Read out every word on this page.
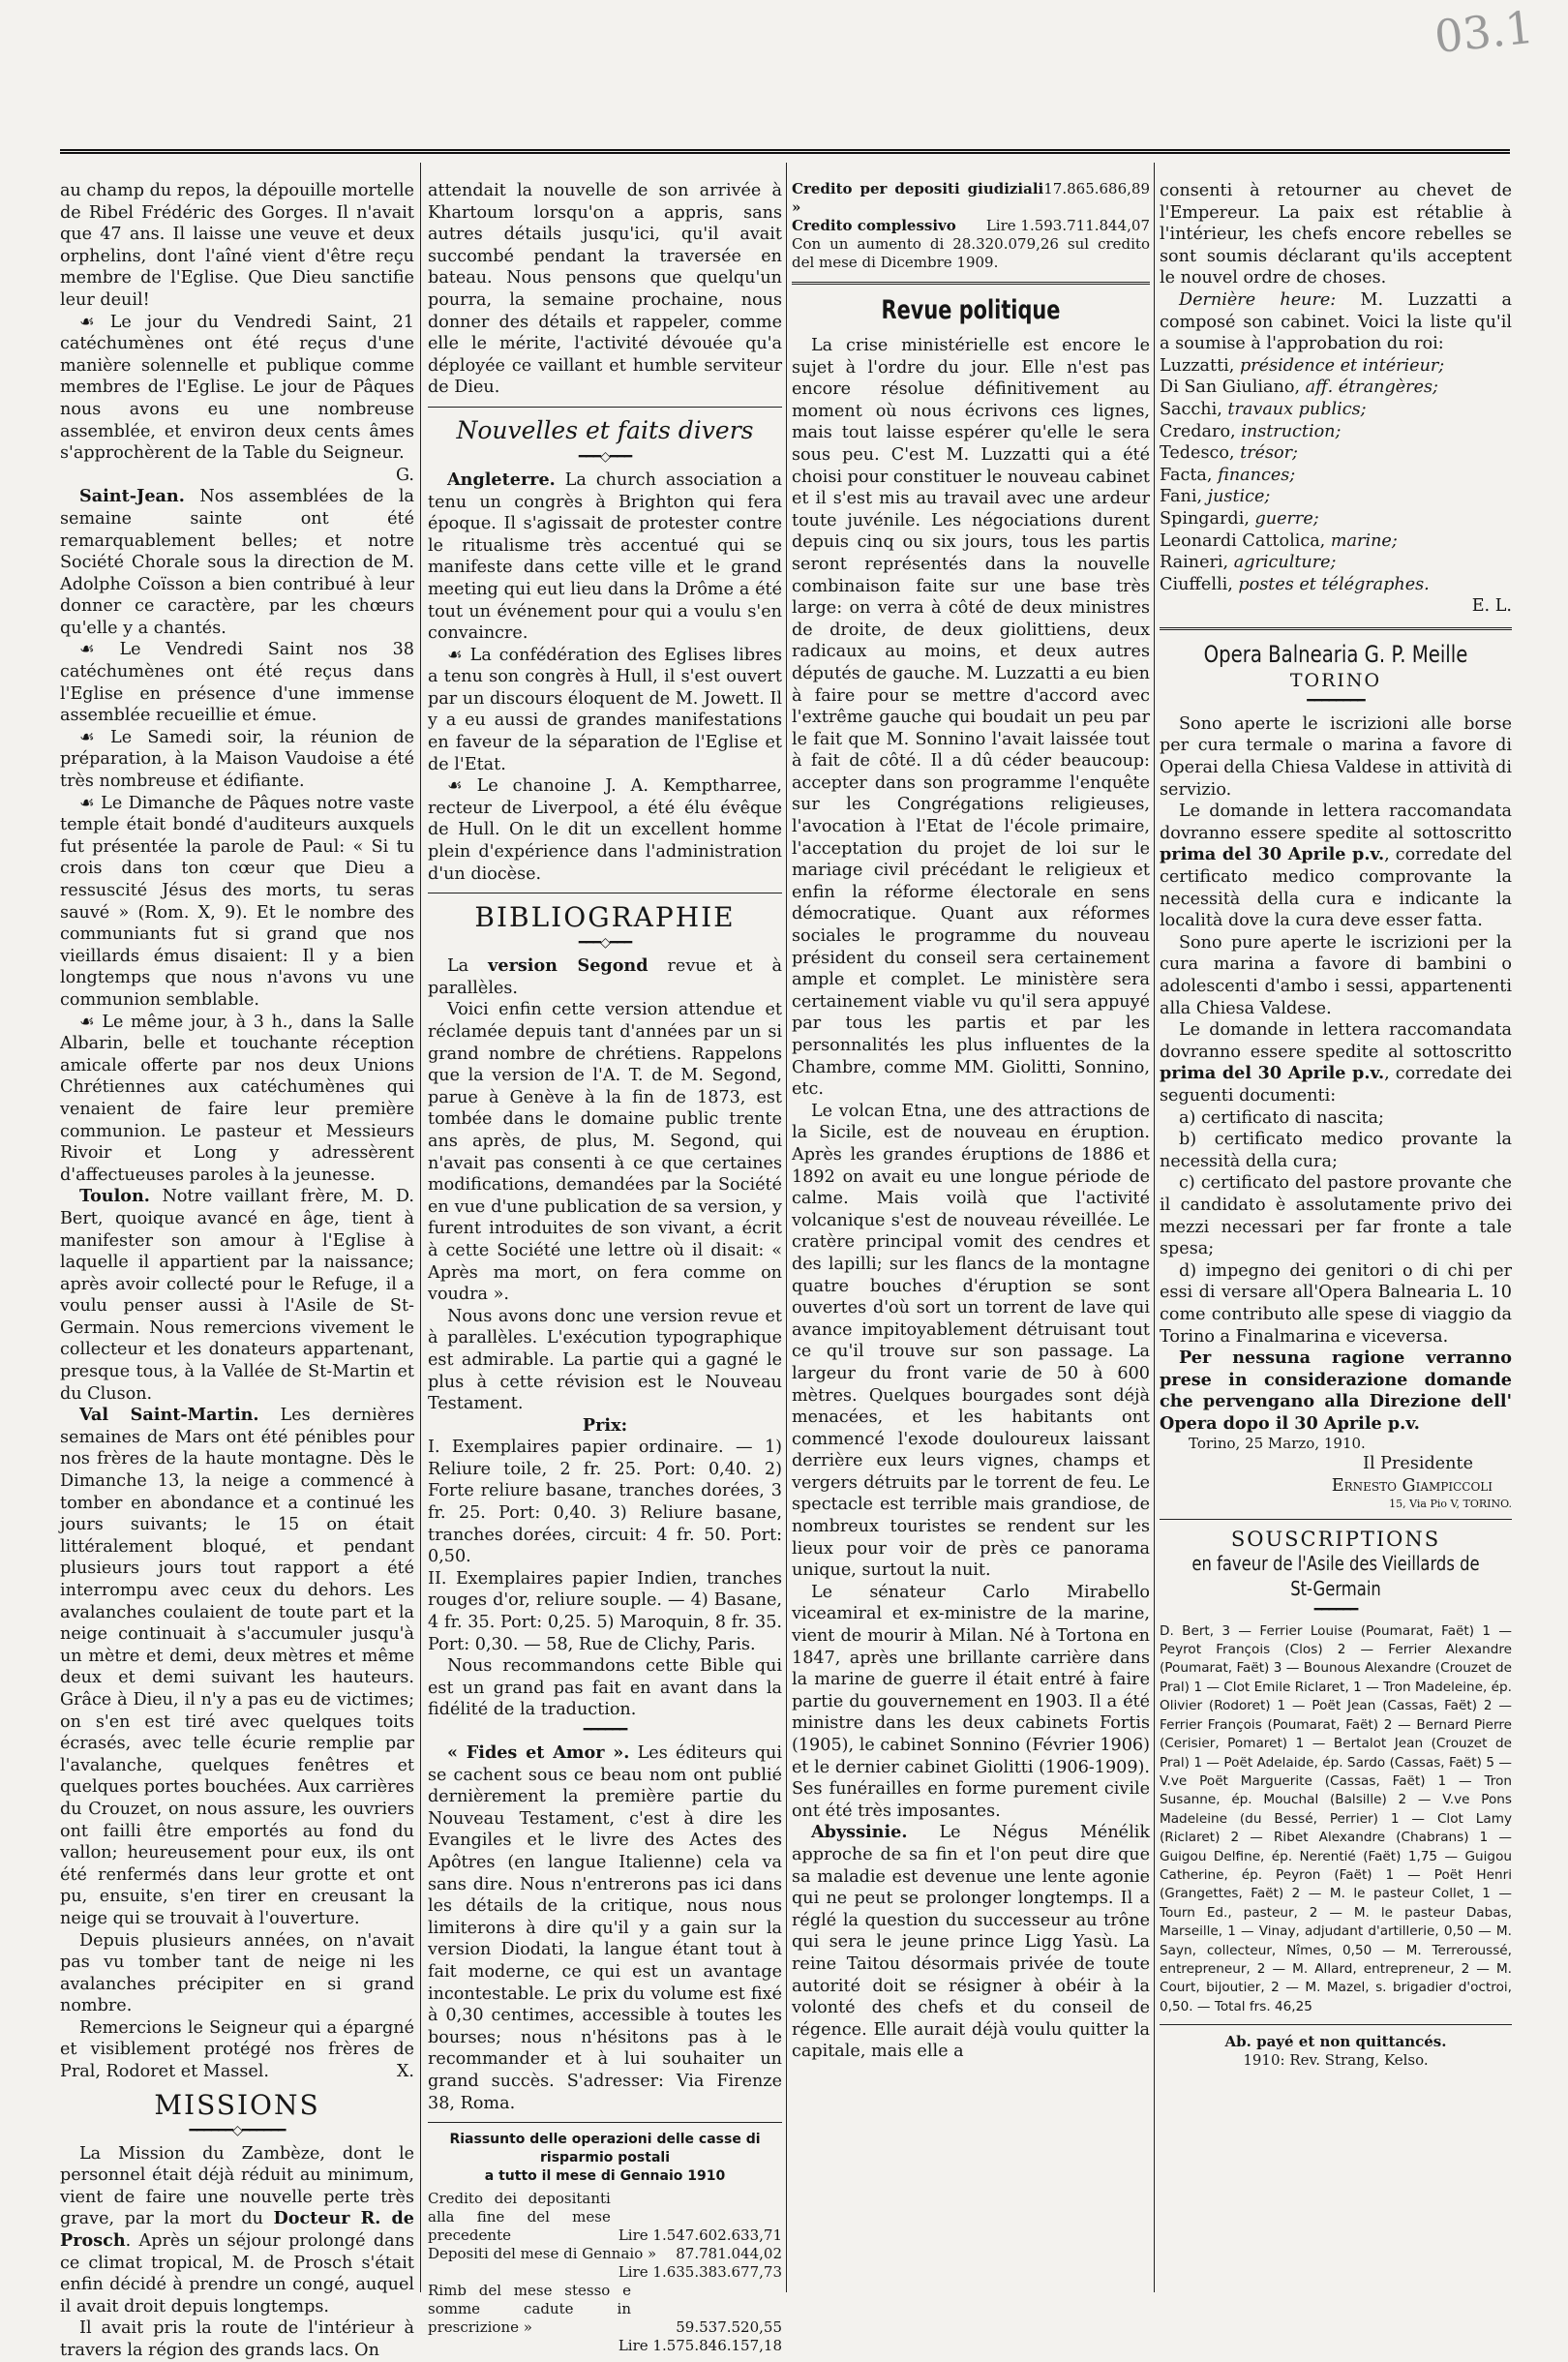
03.1

au champ du repos, la dépouille mortelle de Ribel Frédéric des Gorges. Il n'avait que 47 ans. Il laisse une veuve et deux orphelins, dont l'aîné vient d'être reçu membre de l'Eglise. Que Dieu sanctifie leur deuil!

☙ Le jour du Vendredi Saint, 21 catéchumènes ont été reçus d'une manière solennelle et publique comme membres de l'Eglise. Le jour de Pâques nous avons eu une nombreuse assemblée, et environ deux cents âmes s'approchèrent de la Table du Seigneur.
G.

Saint-Jean. Nos assemblées de la semaine sainte ont été remarquablement belles; et notre Société Chorale sous la direction de M. Adolphe Coïsson a bien contribué à leur donner ce caractère, par les chœurs qu'elle y a chantés.

☙ Le Vendredi Saint nos 38 catéchumènes ont été reçus dans l'Eglise en présence d'une immense assemblée recueillie et émue.

☙ Le Samedi soir, la réunion de préparation, à la Maison Vaudoise a été très nombreuse et édifiante.

☙ Le Dimanche de Pâques notre vaste temple était bondé d'auditeurs auxquels fut présentée la parole de Paul: « Si tu crois dans ton cœur que Dieu a ressuscité Jésus des morts, tu seras sauvé » (Rom. X, 9). Et le nombre des communiants fut si grand que nos vieillards émus disaient: Il y a bien longtemps que nous n'avons vu une communion semblable.

☙ Le même jour, à 3 h., dans la Salle Albarin, belle et touchante réception amicale offerte par nos deux Unions Chrétiennes aux catéchumènes qui venaient de faire leur première communion. Le pasteur et Messieurs Rivoir et Long y adressèrent d'affectueuses paroles à la jeunesse.

Toulon. Notre vaillant frère, M. D. Bert, quoique avancé en âge, tient à manifester son amour à l'Eglise à laquelle il appartient par la naissance; après avoir collecté pour le Refuge, il a voulu penser aussi à l'Asile de St-Germain. Nous remercions vivement le collecteur et les donateurs appartenant, presque tous, à la Vallée de St-Martin et du Cluson.

Val Saint-Martin. Les dernières semaines de Mars ont été pénibles pour nos frères de la haute montagne. Dès le Dimanche 13, la neige a commencé à tomber en abondance et a continué les jours suivants; le 15 on était littéralement bloqué, et pendant plusieurs jours tout rapport a été interrompu avec ceux du dehors. Les avalanches coulaient de toute part et la neige continuait à s'accumuler jusqu'à un mètre et demi, deux mètres et même deux et demi suivant les hauteurs. Grâce à Dieu, il n'y a pas eu de victimes; on s'en est tiré avec quelques toits écrasés, avec telle écurie remplie par l'avalanche, quelques fenêtres et quelques portes bouchées. Aux carrières du Crouzet, on nous assure, les ouvriers ont failli être emportés au fond du vallon; heureusement pour eux, ils ont été renfermés dans leur grotte et ont pu, ensuite, s'en tirer en creusant la neige qui se trouvait à l'ouverture.

Depuis plusieurs années, on n'avait pas vu tomber tant de neige ni les avalanches précipiter en si grand nombre.

Remercions le Seigneur qui a épargné et visiblement protégé nos frères de Pral, Rodoret et Massel.	X.

MISSIONS
━━━━━━◇━━━━━━

La Mission du Zambèze, dont le personnel était déjà réduit au minimum, vient de faire une nouvelle perte très grave, par la mort du Docteur R. de Prosch. Après un séjour prolongé dans ce climat tropical, M. de Prosch s'était enfin décidé à prendre un congé, auquel il avait droit depuis longtemps.

Il avait pris la route de l'intérieur à travers la région des grands lacs. On

attendait la nouvelle de son arrivée à Khartoum lorsqu'on a appris, sans autres détails jusqu'ici, qu'il avait succombé pendant la traversée en bateau. Nous pensons que quelqu'un pourra, la semaine prochaine, nous donner des détails et rappeler, comme elle le mérite, l'activité dévouée qu'a déployée ce vaillant et humble serviteur de Dieu.

Nouvelles et faits divers
━━━◇━━━

Angleterre. La church association a tenu un congrès à Brighton qui fera époque. Il s'agissait de protester contre le ritualisme très accentué qui se manifeste dans cette ville et le grand meeting qui eut lieu dans la Drôme a été tout un événement pour qui a voulu s'en convaincre.

☙ La confédération des Eglises libres a tenu son congrès à Hull, il s'est ouvert par un discours éloquent de M. Jowett. Il y a eu aussi de grandes manifestations en faveur de la séparation de l'Eglise et de l'Etat.

☙ Le chanoine J. A. Kemptharree, recteur de Liverpool, a été élu évêque de Hull. On le dit un excellent homme plein d'expérience dans l'administration d'un diocèse.

BIBLIOGRAPHIE
━━━◇━━━

La version Segond revue et à parallèles.

Voici enfin cette version attendue et réclamée depuis tant d'années par un si grand nombre de chrétiens. Rappelons que la version de l'A. T. de M. Segond, parue à Genève à la fin de 1873, est tombée dans le domaine public trente ans après, de plus, M. Segond, qui n'avait pas consenti à ce que certaines modifications, demandées par la Société en vue d'une publication de sa version, y furent introduites de son vivant, a écrit à cette Société une lettre où il disait: « Après ma mort, on fera comme on voudra ».

Nous avons donc une version revue et à parallèles. L'exécution typographique est admirable. La partie qui a gagné le plus à cette révision est le Nouveau Testament.

Prix:

I. Exemplaires papier ordinaire. — 1) Reliure toile, 2 fr. 25. Port: 0,40. 2) Forte reliure basane, tranches dorées, 3 fr. 25. Port: 0,40. 3) Reliure basane, tranches dorées, circuit: 4 fr. 50. Port: 0,50.

II. Exemplaires papier Indien, tranches rouges d'or, reliure souple. — 4) Basane, 4 fr. 35. Port: 0,25. 5) Maroquin, 8 fr. 35. Port: 0,30. — 58, Rue de Clichy, Paris.

Nous recommandons cette Bible qui est un grand pas fait en avant dans la fidélité de la traduction.

━━━━━━

« Fides et Amor ». Les éditeurs qui se cachent sous ce beau nom ont publié dernièrement la première partie du Nouveau Testament, c'est à dire les Evangiles et le livre des Actes des Apôtres (en langue Italienne) cela va sans dire. Nous n'entrerons pas ici dans les détails de la critique, nous nous limiterons à dire qu'il y a gain sur la version Diodati, la langue étant tout à fait moderne, ce qui est un avantage incontestable. Le prix du volume est fixé à 0,30 centimes, accessible à toutes les bourses; nous n'hésitons pas à le recommander et à lui souhaiter un grand succès. S'adresser: Via Firenze 38, Roma.

Riassunto delle operazioni delle casse di risparmio postali
a tutto il mese di Gennaio 1910
Credito dei depositanti alla fine del mese precedente	Lire 1.547.602.633,71
Depositi del mese di Gennaio » 87.781.044,02
Lire 1.635.383.677,73
Rimb del mese stesso e somme cadute in prescrizione »	59.537.520,55
Lire 1.575.846.157,18
Credito per depositi giudiziali »
17.865.686,89
Credito complessivo Lire 1.593.711.844,07

Con un aumento di 28.320.079,26 sul credito del mese di Dicembre 1909.

Revue politique

La crise ministérielle est encore le sujet à l'ordre du jour. Elle n'est pas encore résolue définitivement au moment où nous écrivons ces lignes, mais tout laisse espérer qu'elle le sera sous peu. C'est M. Luzzatti qui a été choisi pour constituer le nouveau cabinet et il s'est mis au travail avec une ardeur toute juvénile. Les négociations durent depuis cinq ou six jours, tous les partis seront représentés dans la nouvelle combinaison faite sur une base très large: on verra à côté de deux ministres de droite, de deux giolittiens, deux radicaux au moins, et deux autres députés de gauche. M. Luzzatti a eu bien à faire pour se mettre d'accord avec l'extrême gauche qui boudait un peu par le fait que M. Sonnino l'avait laissée tout à fait de côté. Il a dû céder beaucoup: accepter dans son programme l'enquête sur les Congrégations religieuses, l'avocation à l'Etat de l'école primaire, l'acceptation du projet de loi sur le mariage civil précédant le religieux et enfin la réforme électorale en sens démocratique. Quant aux réformes sociales le programme du nouveau président du conseil sera certainement ample et complet. Le ministère sera certainement viable vu qu'il sera appuyé par tous les partis et par les personnalités les plus influentes de la Chambre, comme MM. Giolitti, Sonnino, etc.

Le volcan Etna, une des attractions de la Sicile, est de nouveau en éruption. Après les grandes éruptions de 1886 et 1892 on avait eu une longue période de calme. Mais voilà que l'activité volcanique s'est de nouveau réveillée. Le cratère principal vomit des cendres et des lapilli; sur les flancs de la montagne quatre bouches d'éruption se sont ouvertes d'où sort un torrent de lave qui avance impitoyablement détruisant tout ce qu'il trouve sur son passage. La largeur du front varie de 50 à 600 mètres. Quelques bourgades sont déjà menacées, et les habitants ont commencé l'exode douloureux laissant derrière eux leurs vignes, champs et vergers détruits par le torrent de feu. Le spectacle est terrible mais grandiose, de nombreux touristes se rendent sur les lieux pour voir de près ce panorama unique, surtout la nuit.

Le sénateur Carlo Mirabello viceamiral et ex-ministre de la marine, vient de mourir à Milan. Né à Tortona en 1847, après une brillante carrière dans la marine de guerre il était entré à faire partie du gouvernement en 1903. Il a été ministre dans les deux cabinets Fortis (1905), le cabinet Sonnino (Février 1906) et le dernier cabinet Giolitti (1906-1909). Ses funérailles en forme purement civile ont été très imposantes.

Abyssinie. Le Négus Ménélik approche de sa fin et l'on peut dire que sa maladie est devenue une lente agonie qui ne peut se prolonger longtemps. Il a réglé la question du successeur au trône qui sera le jeune prince Ligg Yasù. La reine Taitou désormais privée de toute autorité doit se résigner à obéir à la volonté des chefs et du conseil de régence. Elle aurait déjà voulu quitter la capitale, mais elle a

consenti à retourner au chevet de l'Empereur. La paix est rétablie à l'intérieur, les chefs encore rebelles se sont soumis déclarant qu'ils acceptent le nouvel ordre de choses.

Dernière heure: M. Luzzatti a composé son cabinet. Voici la liste qu'il a soumise à l'approbation du roi:

Luzzatti, présidence et intérieur;

Di San Giuliano, aff. étrangères;

Sacchi, travaux publics;

Credaro, instruction;

Tedesco, trésor;

Facta, finances;

Fani, justice;

Spingardi, guerre;

Leonardi Cattolica, marine;

Raineri, agriculture;

Ciuffelli, postes et télégraphes.

E. L.

Opera Balnearia G. P. Meille
TORINO
━━━━━━━━

Sono aperte le iscrizioni alle borse per cura termale o marina a favore di Operai della Chiesa Valdese in attività di servizio.

Le domande in lettera raccomandata dovranno essere spedite al sottoscritto prima del 30 Aprile p.v., corredate del certificato medico comprovante la necessità della cura e indicante la località dove la cura deve esser fatta.

Sono pure aperte le iscrizioni per la cura marina a favore di bambini o adolescenti d'ambo i sessi, appartenenti alla Chiesa Valdese.

Le domande in lettera raccomandata dovranno essere spedite al sottoscritto prima del 30 Aprile p.v., corredate dei seguenti documenti:

a) certificato di nascita;

b) certificato medico provante la necessità della cura;

c) certificato del pastore provante che il candidato è assolutamente privo dei mezzi necessari per far fronte a tale spesa;

d) impegno dei genitori o di chi per essi di versare all'Opera Balnearia L. 10 come contributo alle spese di viaggio da Torino a Finalmarina e viceversa.

Per nessuna ragione verranno prese in considerazione domande che pervengano alla Direzione dell' Opera dopo il 30 Aprile p.v.

Torino, 25 Marzo, 1910.

Il Presidente

Ernesto Giampiccoli

15, Via Pio V, TORINO.

SOUSCRIPTIONS
en faveur de l'Asile des Vieillards de St-Germain
━━━━━━

D. Bert, 3 — Ferrier Louise (Poumarat, Faët) 1 — Peyrot François (Clos) 2 — Ferrier Alexandre (Poumarat, Faët) 3 — Bounous Alexandre (Crouzet de Pral) 1 — Clot Emile Riclaret, 1 — Tron Madeleine, ép. Olivier (Rodoret) 1 — Poët Jean (Cassas, Faët) 2 — Ferrier François (Poumarat, Faët) 2 — Bernard Pierre (Cerisier, Pomaret) 1 — Bertalot Jean (Crouzet de Pral) 1 — Poët Adelaide, ép. Sardo (Cassas, Faët) 5 — V.ve Poët Marguerite (Cassas, Faët) 1 — Tron Susanne, ép. Mouchal (Balsille) 2 — V.ve Pons Madeleine (du Bessé, Perrier) 1 — Clot Lamy (Riclaret) 2 — Ribet Alexandre (Chabrans) 1 — Guigou Delfine, ép. Nerentié (Faët) 1,75 — Guigou Catherine, ép. Peyron (Faët) 1 — Poët Henri (Grangettes, Faët) 2 — M. le pasteur Collet, 1 — Tourn Ed., pasteur, 2 — M. le pasteur Dabas, Marseille, 1 — Vinay, adjudant d'artillerie, 0,50 — M. Sayn, collecteur, Nîmes, 0,50 — M. Terreroussé, entrepreneur, 2 — M. Allard, entrepreneur, 2 — M. Court, bijoutier, 2 — M. Mazel, s. brigadier d'octroi, 0,50. — Total frs. 46,25

Ab. payé et non quittancés.

1910: Rev. Strang, Kelso.
